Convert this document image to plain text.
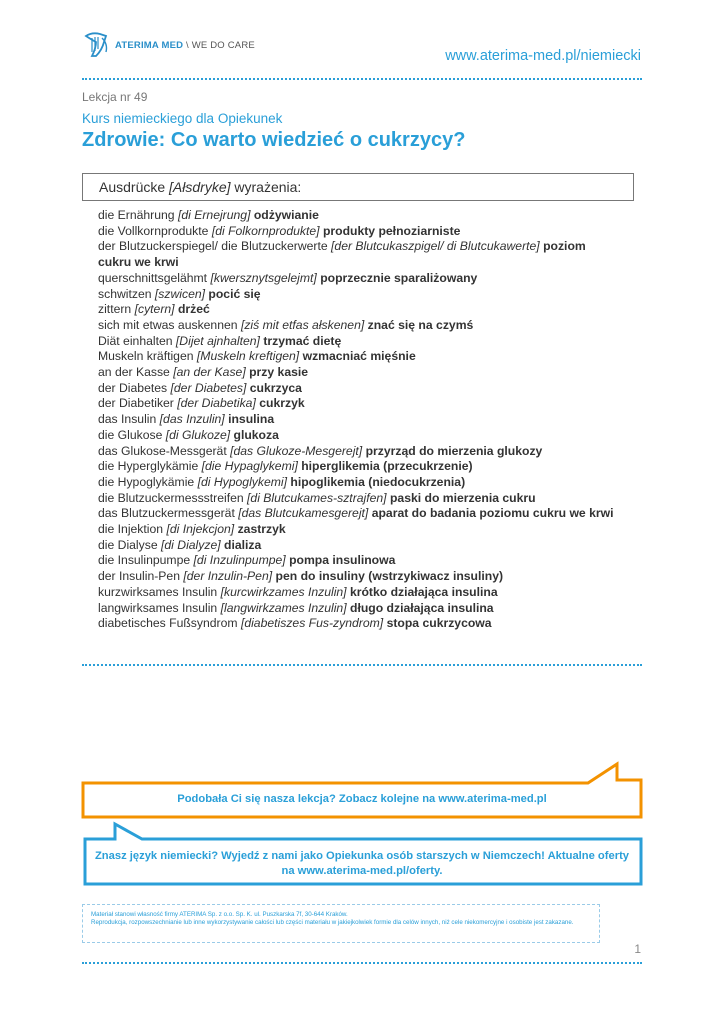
ATERIMA MED \ WE DO CARE
www.aterima-med.pl/niemiecki
Lekcja nr 49
Kurs niemieckiego dla Opiekunek
Zdrowie: Co warto wiedzieć o cukrzycy?
Ausdrücke [Ałsdryke] wyrażenia:
die Ernährung [di Ernejrung] odżywianie
die Vollkornprodukte [di Folkornprodukte] produkty pełnoziarniste
der Blutzuckerspiegel/ die Blutzuckerwerte [der Blutcukaszpigel/ di Blutcukawerte] poziom cukru we krwi
querschnittsgelähmt [kwersznytsgelejmt] poprzecznie sparaliżowany
schwitzen [szwicen] pocić się
zittern [cytern] drżeć
sich mit etwas auskennen [ziś mit etfas ałskenen] znać się na czymś
Diät einhalten [Dijet ajnhalten] trzymać dietę
Muskeln kräftigen [Muskeln kreftigen] wzmacniać mięśnie
an der Kasse [an der Kase] przy kasie
der Diabetes [der Diabetes] cukrzyca
der Diabetiker [der Diabetika] cukrzyk
das Insulin [das Inzulin] insulina
die Glukose [di Glukoze] glukoza
das Glukose-Messgerät [das Glukoze-Mesgerejt] przyrząd do mierzenia glukozy
die Hyperglykämie [die Hypaglykemi] hiperglikemia (przecukrzenie)
die Hypoglykämie [di Hypoglykemi] hipoglikemia (niedocukrzenia)
die Blutzuckermessstreifen [di Blutcukames-sztrajfen] paski do mierzenia cukru
das Blutzuckermessgerät [das Blutcukamesgerejt] aparat do badania poziomu cukru we krwi
die Injektion [di Injekcjon] zastrzyk
die Dialyse [di Dialyze] dializa
die Insulinpumpe [di Inzulinpumpe] pompa insulinowa
der Insulin-Pen [der Inzulin-Pen] pen do insuliny (wstrzykiwacz insuliny)
kurzwirksames Insulin [kurcwirkzames Inzulin] krótko działająca insulina
langwirksames Insulin [langwirkzames Inzulin] długo działająca insulina
diabetisches Fußsyndrom [diabetiszes Fus-zyndrom] stopa cukrzycowa
Podobała Ci się nasza lekcja? Zobacz kolejne na www.aterima-med.pl
Znasz język niemiecki? Wyjedź z nami jako Opiekunka osób starszych w Niemczech! Aktualne oferty na www.aterima-med.pl/oferty.
Materiał stanowi własność firmy ATERIMA Sp. z o.o. Sp. K. ul. Puszkarska 7f, 30-644 Kraków.
Reprodukcja, rozpowszechnianie lub inne wykorzystywanie całości lub części materiału w jakiejkolwiek formie dla celów innych, niż cele niekomercyjne i osobiste jest zakazane.
1
